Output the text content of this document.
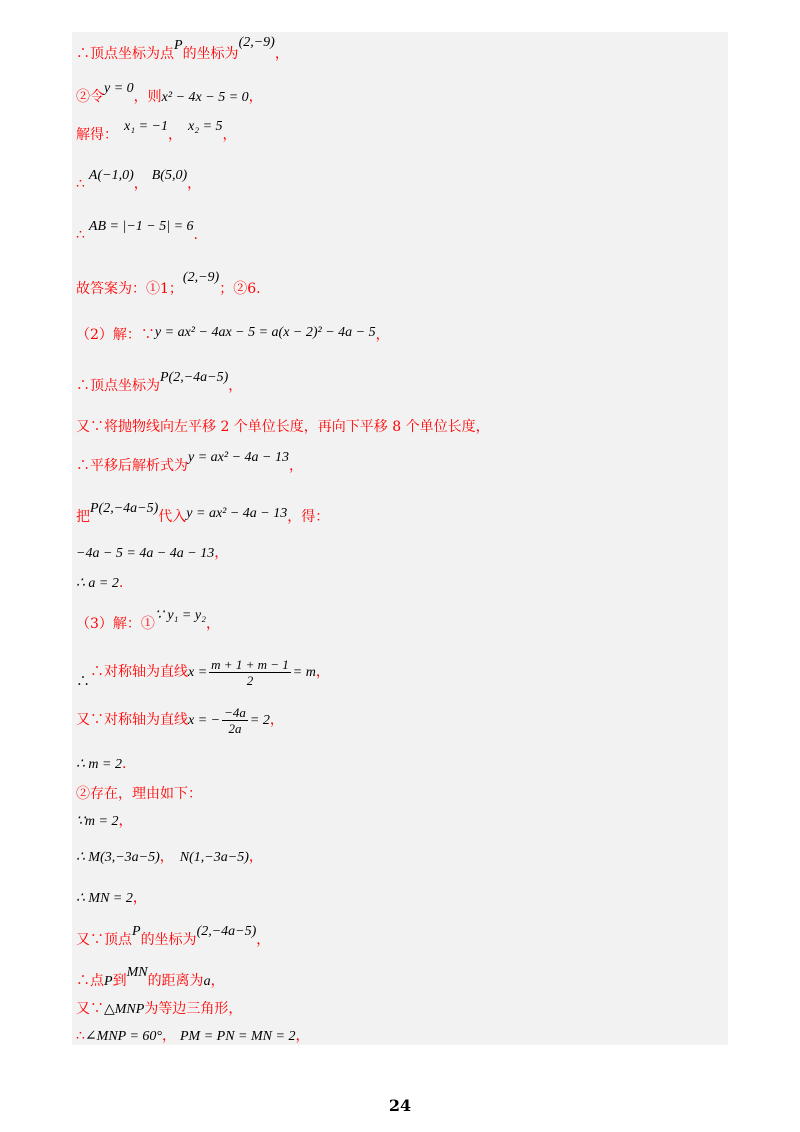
∴顶点坐标为点P的坐标为(2,−9)，
②令y = 0，则x² − 4x − 5 = 0，
解得：x₁ = −1，x₂ = 5，
∴A(−1,0)，B(5,0)，
∴AB = |−1 − 5| = 6.
故答案为：①1；(2,−9)；②6.
（2）解：∵y = ax² − 4ax − 5 = a(x − 2)² − 4a − 5，
∴顶点坐标为P(2,−4a−5)，
又∵将抛物线向左平移 2 个单位长度，再向下平移 8 个单位长度，
∴平移后解析式为y = ax² − 4a − 13，
把P(2,−4a−5)代入y = ax² − 4a − 13，得：
−4a − 5 = 4a − 4a − 13，
∴ a = 2.
（3）解：①∵ y₁ = y₂，
∴∴对称轴为直线$x = \frac{m + 1 + m - 1}{2} = m$，
又∵对称轴为直线x = − $\frac{-4a}{2a} = 2$，
∴ m = 2.
②存在，理由如下：
∵m = 2，
∴ M(3,−3a−5)， N(1,−3a−5)，
∴ MN = 2，
又∵顶点P的坐标为(2,−4a−5)，
∴点P到MN的距离为a，
又∵△MNP为等边三角形，
∴∠MNP = 60°， PM = PN = MN = 2，
24
